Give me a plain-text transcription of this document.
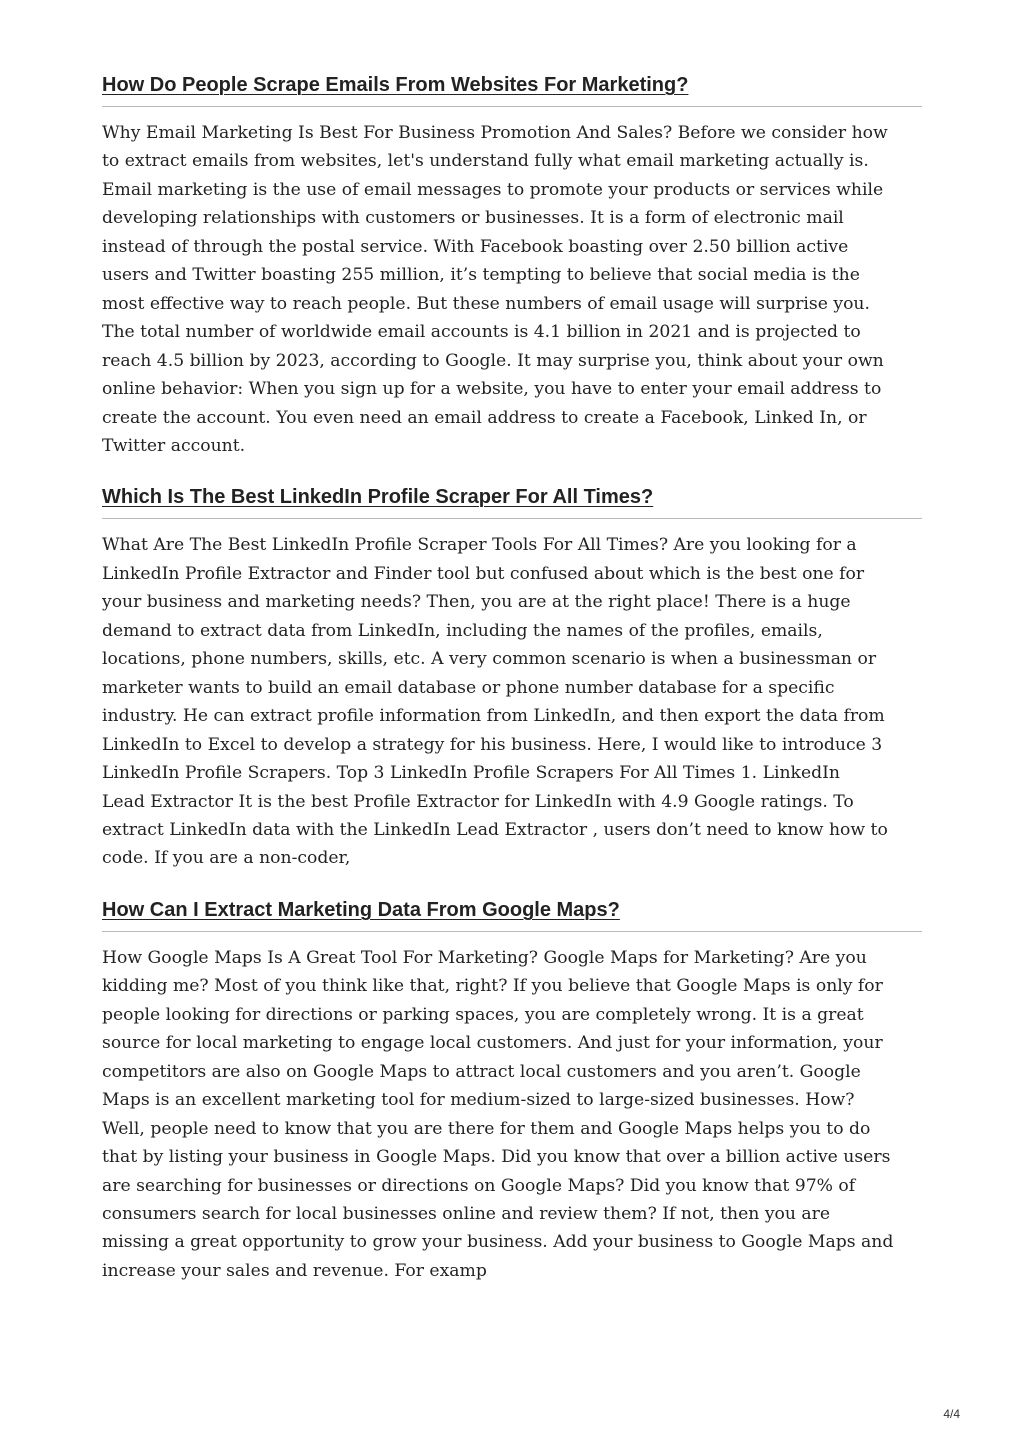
How Do People Scrape Emails From Websites For Marketing?

Why Email Marketing Is Best For Business Promotion And Sales? Before we consider how
to extract emails from websites, let's understand fully what email marketing actually is.
Email marketing is the use of email messages to promote your products or services while
developing relationships with customers or businesses. It is a form of electronic mail
instead of through the postal service. With Facebook boasting over 2.50 billion active
users and Twitter boasting 255 million, it’s tempting to believe that social media is the
most effective way to reach people. But these numbers of email usage will surprise you.
The total number of worldwide email accounts is 4.1 billion in 2021 and is projected to
reach 4.5 billion by 2023, according to Google. It may surprise you, think about your own
online behavior: When you sign up for a website, you have to enter your email address to
create the account. You even need an email address to create a Facebook, Linked In, or
Twitter account.

Which Is The Best LinkedIn Profile Scraper For All Times?

What Are The Best LinkedIn Profile Scraper Tools For All Times? Are you looking for a
LinkedIn Profile Extractor and Finder tool but confused about which is the best one for
your business and marketing needs? Then, you are at the right place! There is a huge
demand to extract data from LinkedIn, including the names of the profiles, emails,
locations, phone numbers, skills, etc. A very common scenario is when a businessman or
marketer wants to build an email database or phone number database for a specific
industry. He can extract profile information from LinkedIn, and then export the data from
LinkedIn to Excel to develop a strategy for his business. Here, I would like to introduce 3
LinkedIn Profile Scrapers. Top 3 LinkedIn Profile Scrapers For All Times 1. LinkedIn
Lead Extractor It is the best Profile Extractor for LinkedIn with 4.9 Google ratings. To
extract LinkedIn data with the LinkedIn Lead Extractor , users don’t need to know how to
code. If you are a non-coder,

How Can I Extract Marketing Data From Google Maps?

How Google Maps Is A Great Tool For Marketing? Google Maps for Marketing? Are you
kidding me? Most of you think like that, right? If you believe that Google Maps is only for
people looking for directions or parking spaces, you are completely wrong. It is a great
source for local marketing to engage local customers. And just for your information, your
competitors are also on Google Maps to attract local customers and you aren’t. Google
Maps is an excellent marketing tool for medium-sized to large-sized businesses. How?
Well, people need to know that you are there for them and Google Maps helps you to do
that by listing your business in Google Maps. Did you know that over a billion active users
are searching for businesses or directions on Google Maps? Did you know that 97% of
consumers search for local businesses online and review them? If not, then you are
missing a great opportunity to grow your business. Add your business to Google Maps and
increase your sales and revenue. For examp

4/4
